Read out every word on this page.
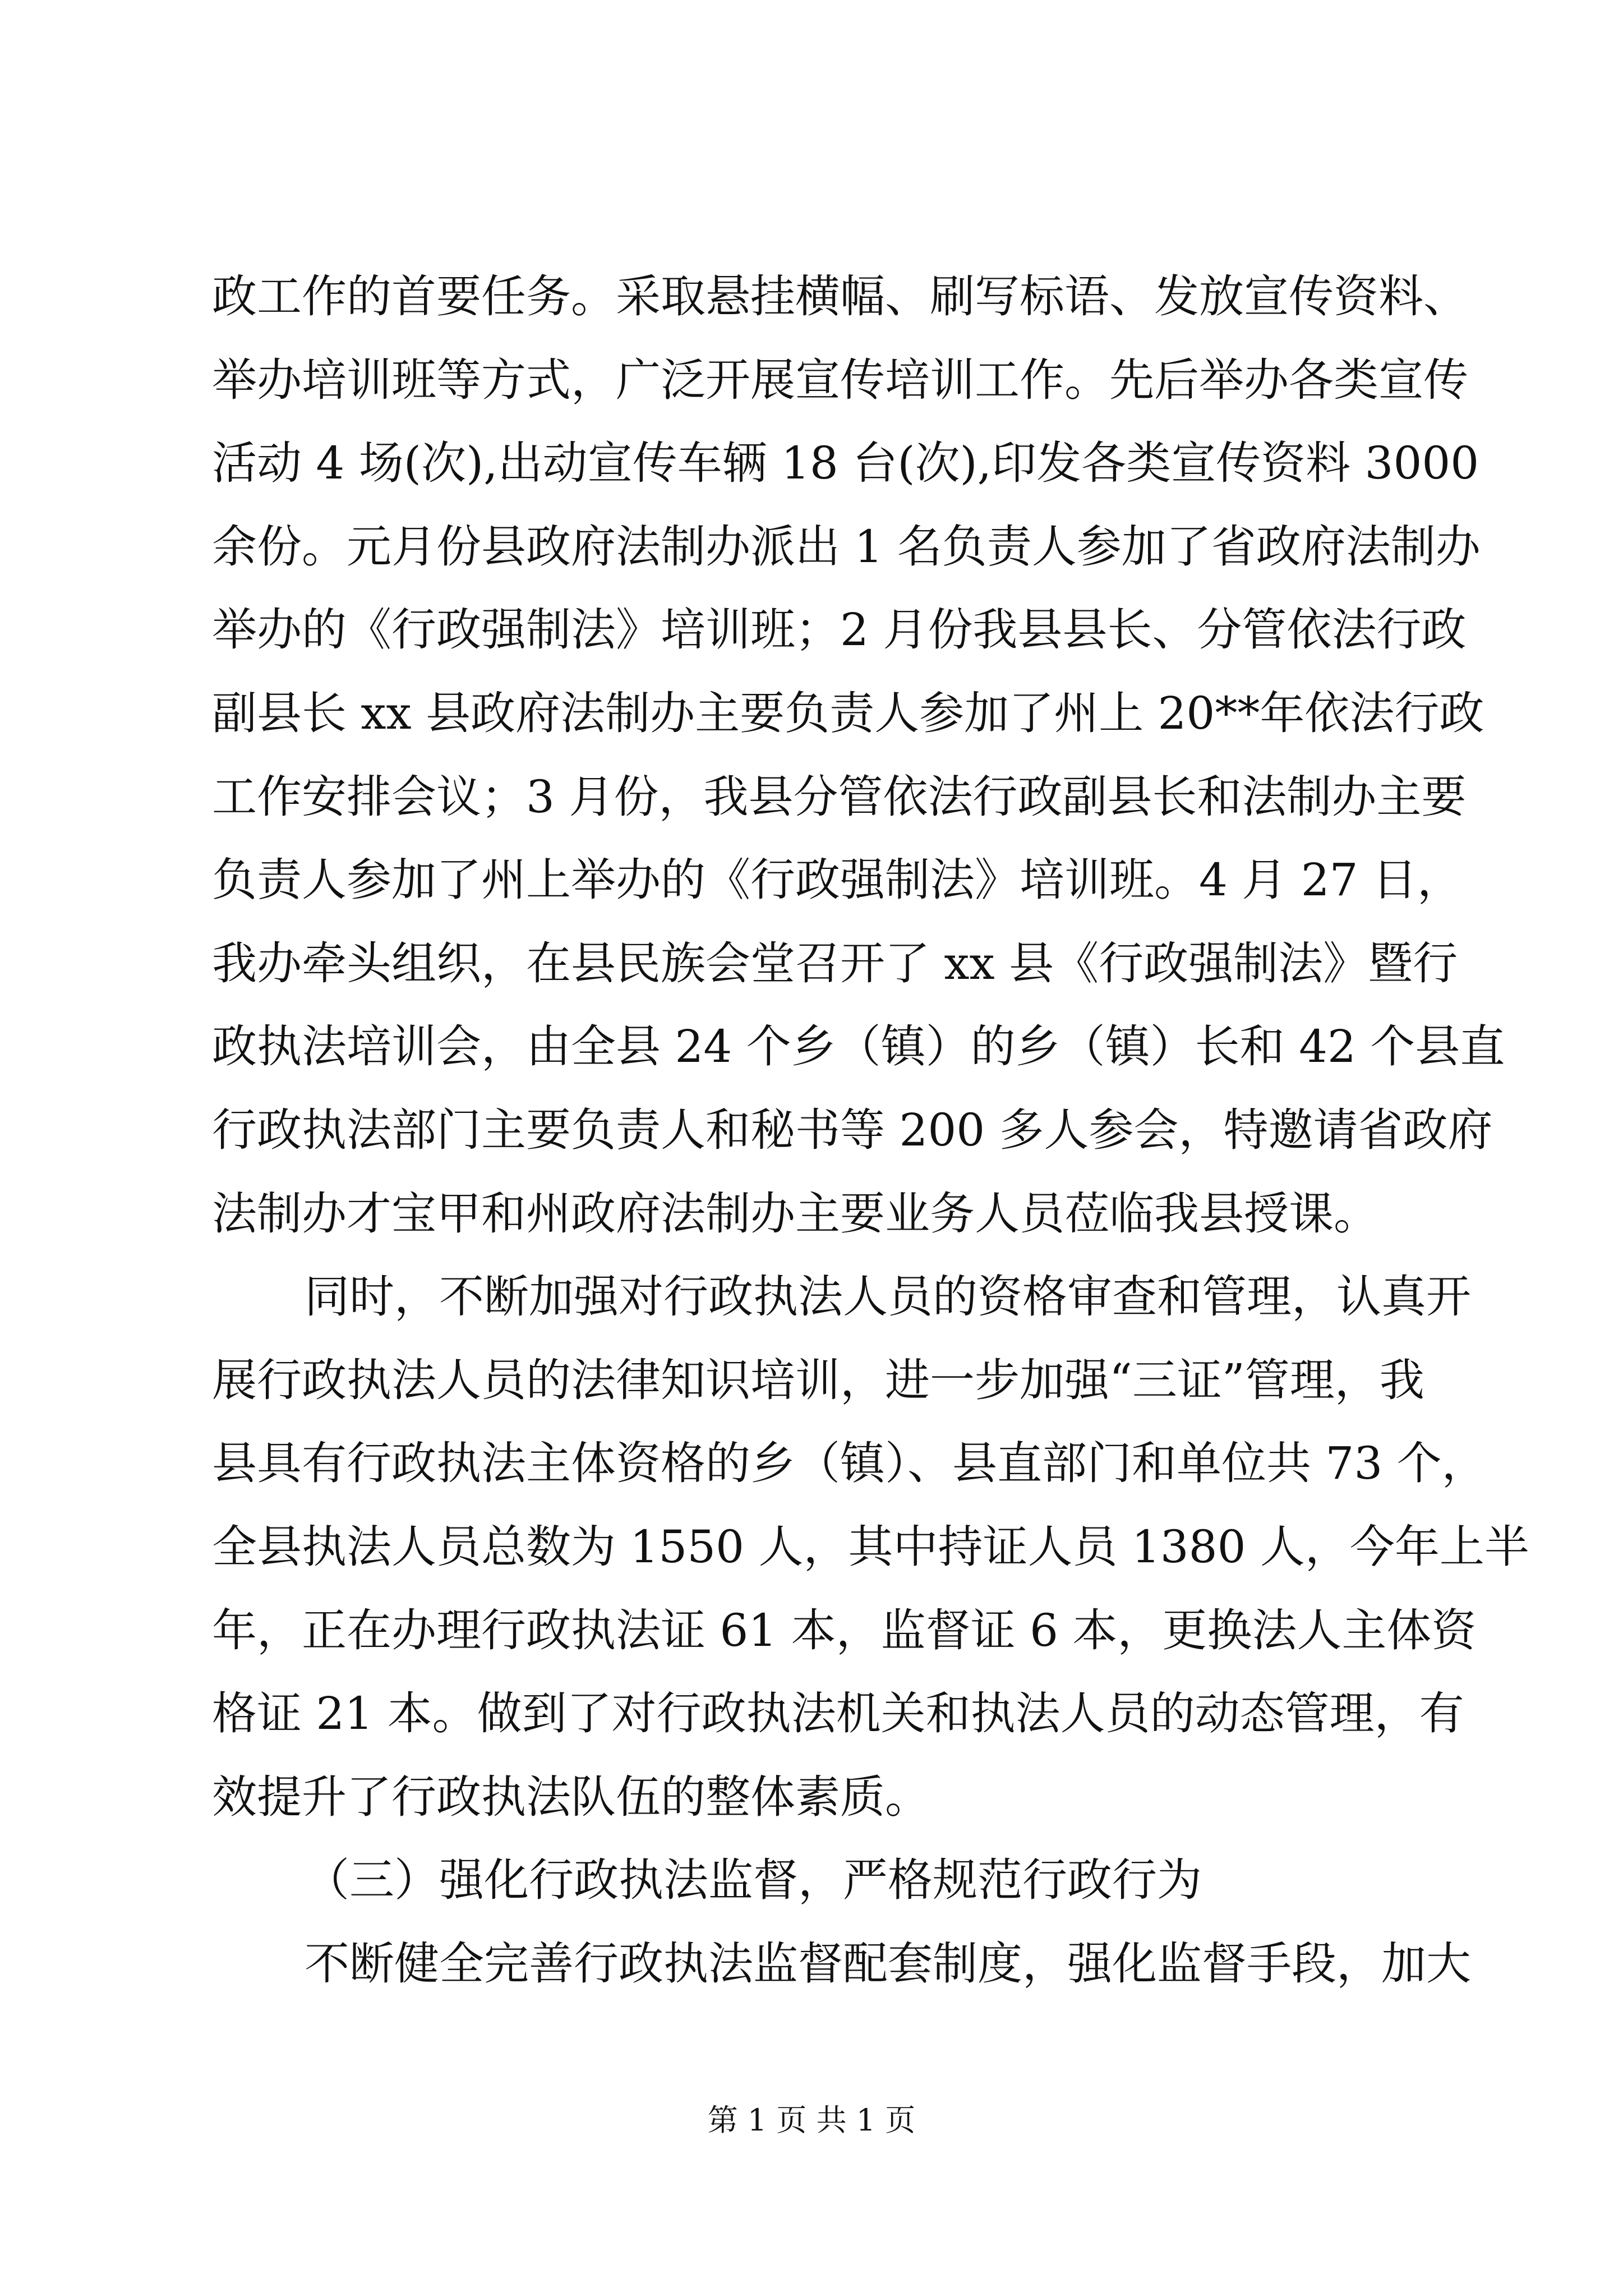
政工作的首要任务。采取悬挂横幅、刷写标语、发放宣传资料、
举办培训班等方式，广泛开展宣传培训工作。先后举办各类宣传
活动 4 场(次),出动宣传车辆 18 台(次),印发各类宣传资料 3000
余份。元月份县政府法制办派出 1 名负责人参加了省政府法制办
举办的《行政强制法》培训班；2 月份我县县长、分管依法行政
副县长 xx 县政府法制办主要负责人参加了州上 20**年依法行政
工作安排会议；3 月份，我县分管依法行政副县长和法制办主要
负责人参加了州上举办的《行政强制法》培训班。4 月 27 日，
我办牵头组织，在县民族会堂召开了 xx 县《行政强制法》暨行
政执法培训会，由全县 24 个乡（镇）的乡（镇）长和 42 个县直
行政执法部门主要负责人和秘书等 200 多人参会，特邀请省政府
法制办才宝甲和州政府法制办主要业务人员莅临我县授课。
同时，不断加强对行政执法人员的资格审查和管理，认真开
展行政执法人员的法律知识培训，进一步加强“三证”管理，我
县具有行政执法主体资格的乡（镇）、县直部门和单位共 73 个，
全县执法人员总数为 1550 人，其中持证人员 1380 人，今年上半
年，正在办理行政执法证 61 本，监督证 6 本，更换法人主体资
格证 21 本。做到了对行政执法机关和执法人员的动态管理，有
效提升了行政执法队伍的整体素质。
（三）强化行政执法监督，严格规范行政行为
不断健全完善行政执法监督配套制度，强化监督手段，加大
第 1 页 共 1 页
